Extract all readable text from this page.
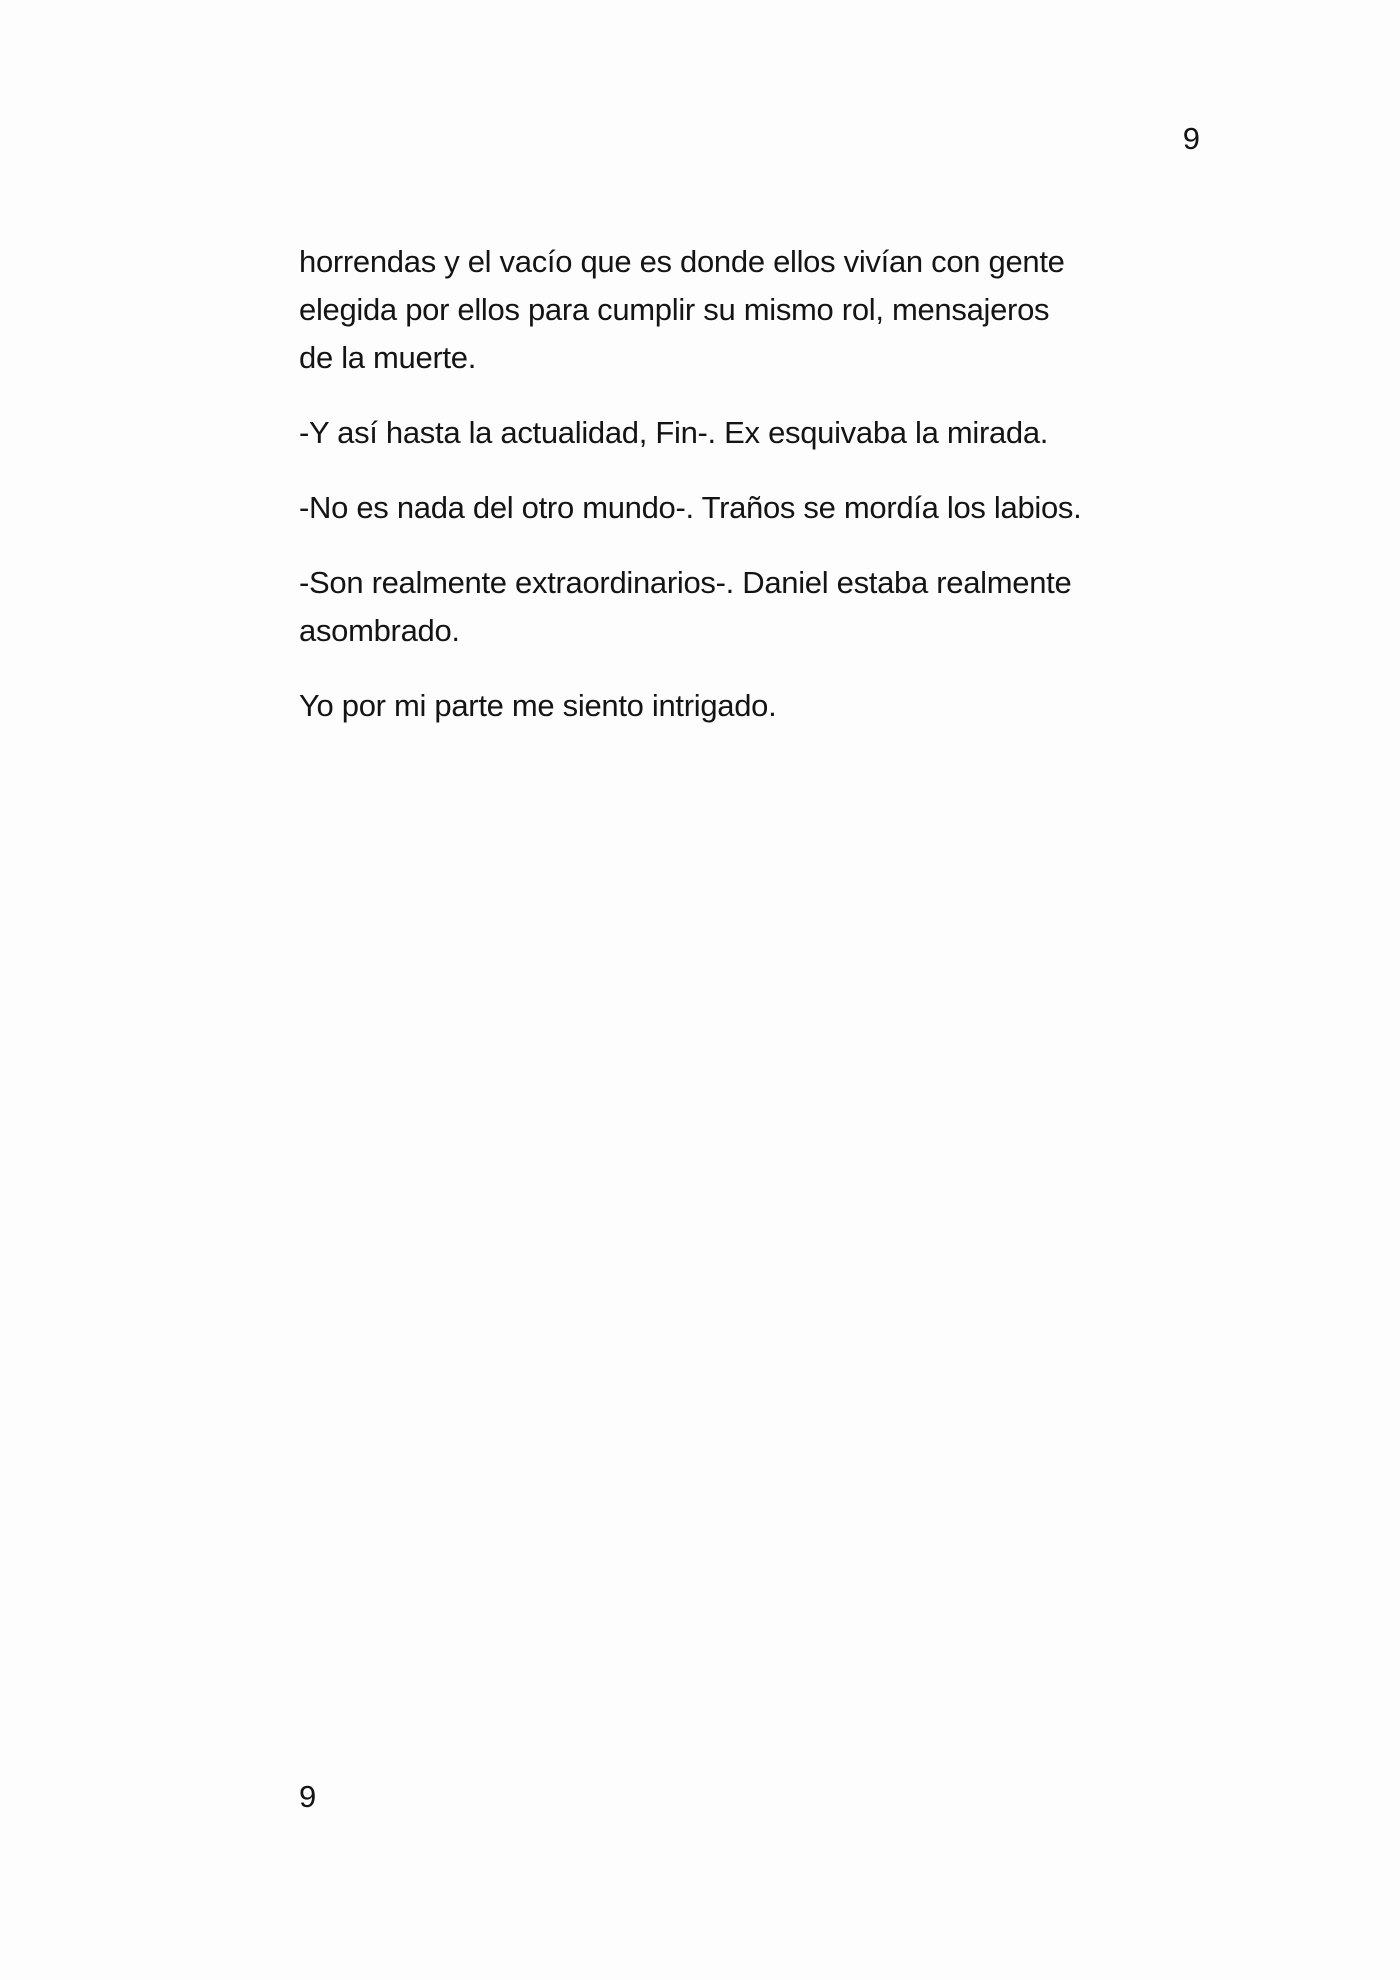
9

horrendas y el vacío que es donde ellos vivían con gente
elegida por ellos para cumplir su mismo rol, mensajeros
de la muerte.

-Y así hasta la actualidad, Fin-. Ex esquivaba la mirada.

-No es nada del otro mundo-. Traños se mordía los labios.

-Son realmente extraordinarios-. Daniel estaba realmente
asombrado.

Yo por mi parte me siento intrigado.

9
